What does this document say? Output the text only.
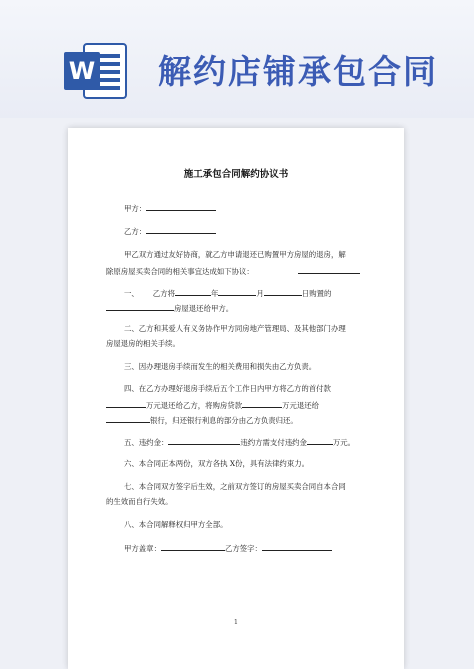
W 解约店铺承包合同
施工承包合同解约协议书
甲方：
乙方：
甲乙双方通过友好协商，就乙方申请退还已购置甲方房屋的退房，解
除原房屋买卖合同的相关事宜达成如下协议：
一、 乙方将	年	月	日购置的
房屋退还给甲方。
二、乙方和其爱人有义务协作甲方同房地产管理局、及其他部门办理
房屋退房的相关手续。
三、因办理退房手续而发生的相关费用和损失由乙方负责。
四、在乙方办理好退房手续后五个工作日内甲方将乙方的首付款
万元退还给乙方，将购房贷款	万元退还给
银行，归还银行利息的部分由乙方负责归还。
五、违约金：	违约方需支付违约金	万元。
六、本合同正本两份，双方各执 X份，具有法律约束力。
七、本合同双方签字后生效，之前双方签订的房屋买卖合同自本合同
的生效而自行失效。
八、本合同解释权归甲方全部。
甲方盖章：	乙方签字：
1
